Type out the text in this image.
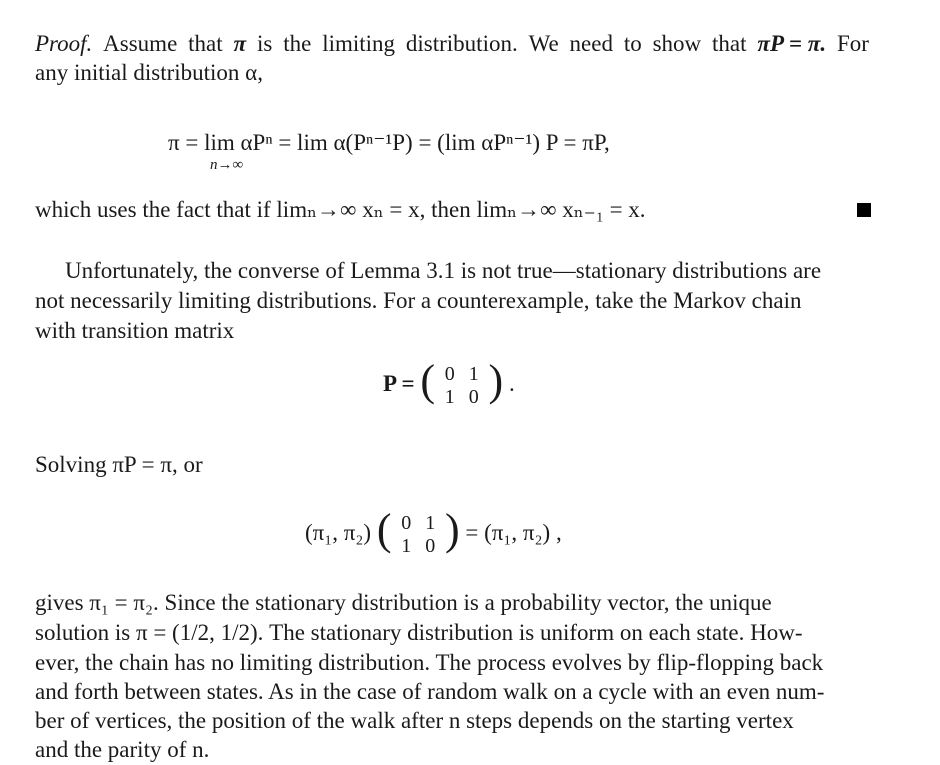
Proof. Assume that π is the limiting distribution. We need to show that πP = π. For
any initial distribution α,
π = lim αPⁿ = lim α(Pⁿ⁻¹P) = (lim αPⁿ⁻¹) P = πP,
n→∞
which uses the fact that if limₙ→∞ xₙ = x, then limₙ→∞ xₙ₋₁ = x.
Unfortunately, the converse of Lemma 3.1 is not true—stationary distributions are
not necessarily limiting distributions. For a counterexample, take the Markov chain
with transition matrix
P = ( 0 1
1 0 ) .
Solving πP = π, or
(π₁, π₂) ( 0 1
1 0 ) = (π₁, π₂) ,
gives π₁ = π₂. Since the stationary distribution is a probability vector, the unique
solution is π = (1/2, 1/2). The stationary distribution is uniform on each state. How-
ever, the chain has no limiting distribution. The process evolves by flip-flopping back
and forth between states. As in the case of random walk on a cycle with an even num-
ber of vertices, the position of the walk after n steps depends on the starting vertex
and the parity of n.
